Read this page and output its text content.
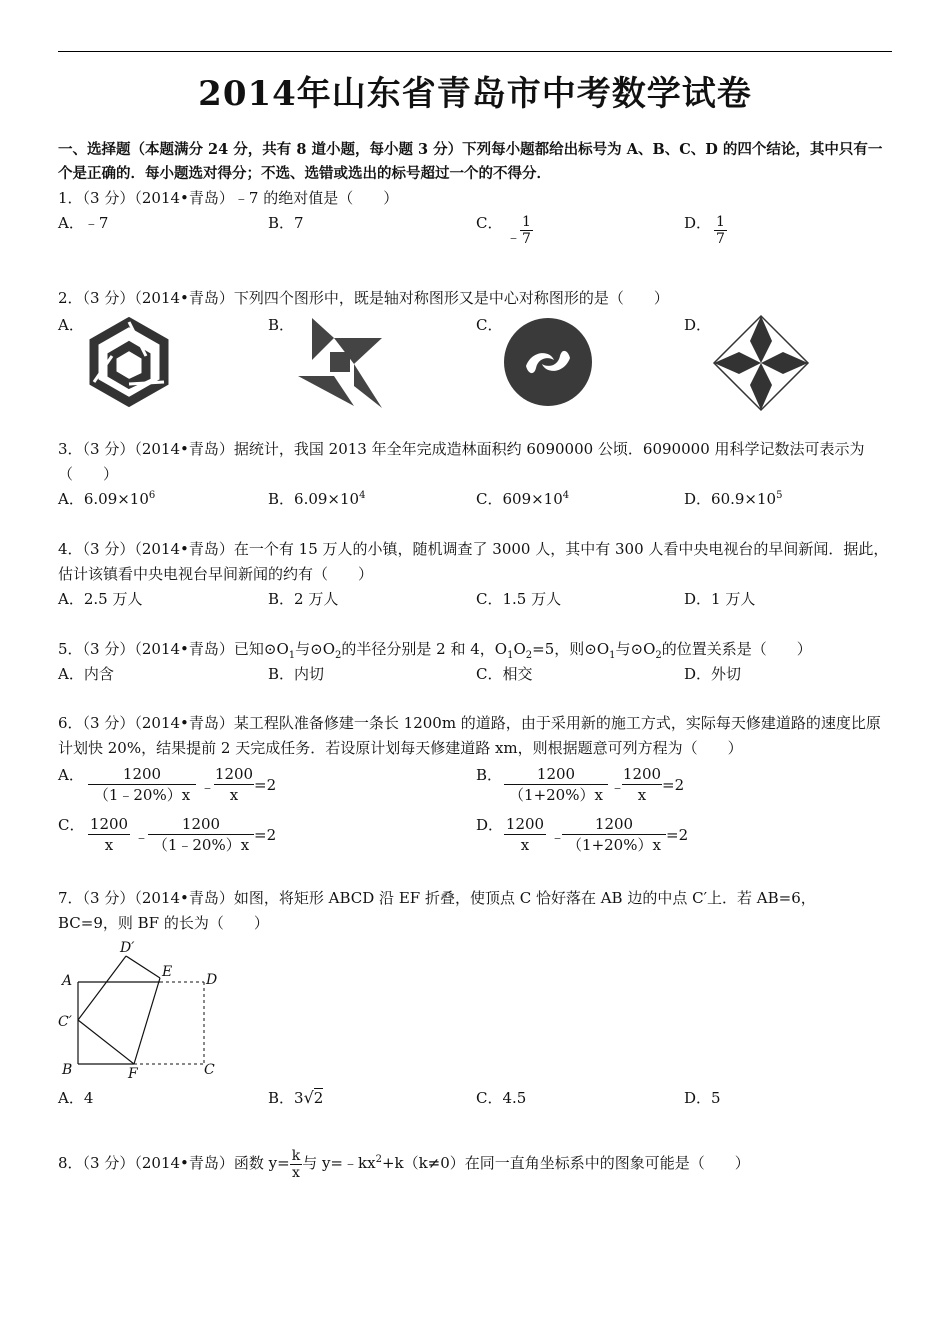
2014年山东省青岛市中考数学试卷
一、选择题（本题满分 24 分，共有 8 道小题，每小题 3 分）下列每小题都给出标号为 A、B、C、D 的四个结论，其中只有一个是正确的．每小题选对得分；不选、选错或选出的标号超过一个的不得分．
1．（3 分）（2014•青岛）﹣7 的绝对值是（　　）
A．﹣7	B．7	C．
﹣
$\frac{1}{7}$	D． $\frac{1}{7}$
2．（3 分）（2014•青岛）下列四个图形中，既是轴对称图形又是中心对称图形的是（　　）
A．	B．	C．	D．
3．（3 分）（2014•青岛）据统计，我国 2013 年全年完成造林面积约 6090000 公顷．6090000 用科学记数法可表示为（　　）
A．$6.09\times 10^6$	B．$6.09\times 10^4$	C．$609\times 10^4$	D．$60.9\times 10^5$
4．（3 分）（2014•青岛）在一个有 15 万人的小镇，随机调查了 3000 人，其中有 300 人看中央电视台的早间新闻．据此，估计该镇看中央电视台早间新闻的约有（　　）
A．2.5 万人	B．2 万人	C．1.5 万人	D．1 万人
5．（3 分）（2014•青岛）已知$⊙O_1$与$⊙O_2$的半径分别是 2 和 4，$O_1O_2=5$，则$⊙O_1$与$⊙O_2$的位置关系是（　　）
A．内含	B．内切	C．相交	D．外切
6．（3 分）（2014•青岛）某工程队准备修建一条长 1200m 的道路，由于采用新的施工方式，实际每天修建道路的速度比原计划快 20%，结果提前 2 天完成任务．若设原计划每天修建道路 xm，则根据题意可列方程为（　　）
A．	1200
（1﹣20%）x ﹣
1200
x
=2
B．	1200
（1+20%）x ﹣
1200
x
=2
C． 1200
x	﹣
1200
（1﹣20%）x
=2
D． 1200
x	﹣
1200
（1+20%）x
=2
7．（3 分）（2014•青岛）如图，将矩形 ABCD 沿 EF 折叠，使顶点 C 恰好落在 AB 边的中点 C′上．若 AB=6，BC=9，则 BF 的长为（　　）
A
B	C
D
E
F
C′
D′
A．4	B．3√2	C．4.5	D．5
8．（3 分）（2014•青岛）函数 $y= \frac{k}{x}$ 与 $y=﹣kx^2+k(k\ne 0)$在同一直角坐标系中的图象可能是（　　）
